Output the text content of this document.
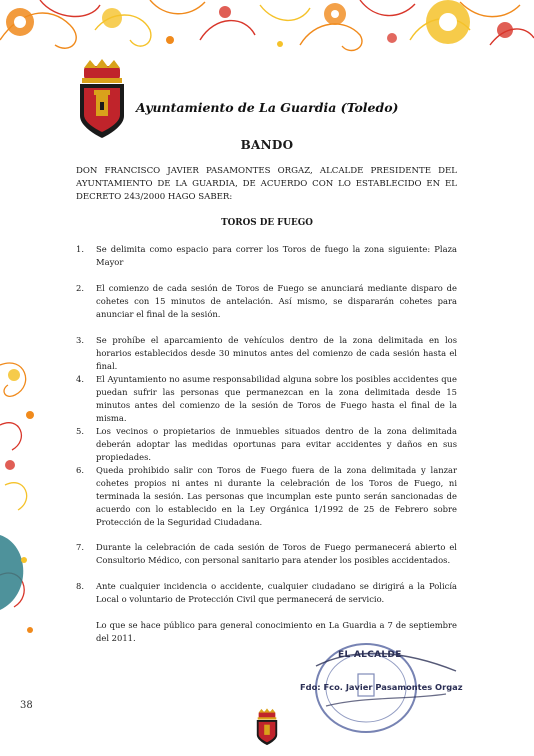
Ayuntamiento de La Guardia (Toledo)
BANDO
DON FRANCISCO JAVIER PASAMONTES ORGAZ, ALCALDE PRESIDENTE DEL AYUNTAMIENTO DE LA GUARDIA, DE ACUERDO CON LO ESTABLECIDO EN EL DECRETO 243/2000 HAGO SABER:
TOROS DE FUEGO
1. Se delimita como espacio para correr los Toros de fuego la zona siguiente: Plaza Mayor
2. El comienzo de cada sesión de Toros de Fuego se anunciará mediante disparo de cohetes con 15 minutos de antelación. Así mismo, se dispararán cohetes para anunciar el final de la sesión.
3. Se prohíbe el aparcamiento de vehículos dentro de la zona delimitada en los horarios establecidos desde 30 minutos antes del comienzo de cada sesión hasta el final.
4. El Ayuntamiento no asume responsabilidad alguna sobre los posibles accidentes que puedan sufrir las personas que permanezcan en la zona delimitada desde 15 minutos antes del comienzo de la sesión de Toros de Fuego hasta el final de la misma.
5. Los vecinos o propietarios de inmuebles situados dentro de la zona delimitada deberán adoptar las medidas oportunas para evitar accidentes y daños en sus propiedades.
6. Queda prohibido salir con Toros de Fuego fuera de la zona delimitada y lanzar cohetes propios ni antes ni durante la celebración de los Toros de Fuego, ni terminada la sesión. Las personas que incumplan este punto serán sancionadas de acuerdo con lo establecido en la Ley Orgánica 1/1992 de 25 de Febrero sobre Protección de la Seguridad Ciudadana.
7. Durante la celebración de cada sesión de Toros de Fuego permanecerá abierto el Consultorio Médico, con personal sanitario para atender los posibles accidentados.
8. Ante cualquier incidencia o accidente, cualquier ciudadano se dirigirá a la Policía Local o voluntario de Protección Civil que permanecerá de servicio.
Lo que se hace público para general conocimiento en La Guardia a 7 de septiembre del 2011.
EL ALCALDE
Fdo: Fco. Javier Pasamontes Orgaz
38
